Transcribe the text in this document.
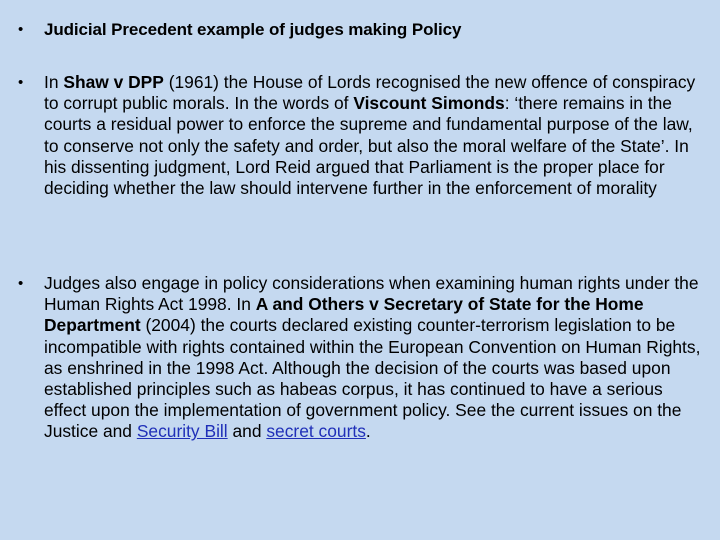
•	Judicial Precedent example of judges making Policy
•	In Shaw v DPP (1961) the House of Lords recognised the new offence of conspiracy to corrupt public morals. In the words of Viscount Simonds: ‘there remains in the courts a residual power to enforce the supreme and fundamental purpose of the law, to conserve not only the safety and order, but also the moral welfare of the State’. In his dissenting judgment, Lord Reid argued that Parliament is the proper place for deciding whether the law should intervene further in the enforcement of morality
•	Judges also engage in policy considerations when examining human rights under the Human Rights Act 1998. In A and Others v Secretary of State for the Home Department (2004) the courts declared existing counter-terrorism legislation to be incompatible with rights contained within the European Convention on Human Rights, as enshrined in the 1998 Act. Although the decision of the courts was based upon established principles such as habeas corpus, it has continued to have a serious effect upon the implementation of government policy. See the current issues on the Justice and Security Bill and secret courts.
